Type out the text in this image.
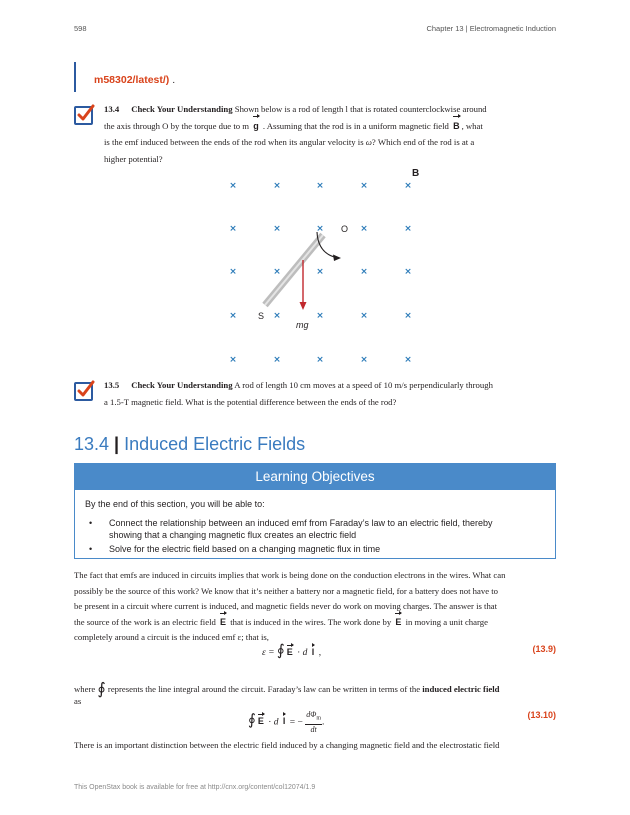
598	Chapter 13 | Electromagnetic Induction
m58302/latest/) .
13.4 Check Your Understanding Shown below is a rod of length l that is rotated counterclockwise around
the axis through O by the torque due to m g . Assuming that the rod is in a uniform magnetic field B , what
is the emf induced between the ends of the rod when its angular velocity is ω? Which end of the rod is at a
higher potential?
×	×	×	×	×
×	×	×	×	×
×	×	×	×	×
×	×	×	×	×
×	×	×	×	×
B
O
S
mg
13.5 Check Your Understanding A rod of length 10 cm moves at a speed of 10 m/s perpendicularly through
a 1.5-T magnetic field. What is the potential difference between the ends of the rod?
13.4 | Induced Electric Fields
Learning Objectives
By the end of this section, you will be able to:
• Connect the relationship between an induced emf from Faraday’s law to an electric field, thereby showing that a changing magnetic flux creates an electric field
• Solve for the electric field based on a changing magnetic flux in time
The fact that emfs are induced in circuits implies that work is being done on the conduction electrons in the wires. What can
possibly be the source of this work? We know that it’s neither a battery nor a magnetic field, for a battery does not have to
be present in a circuit where current is induced, and magnetic fields never do work on moving charges. The answer is that
the source of the work is an electric field E that is induced in the wires. The work done by E in moving a unit charge
completely around a circuit is the induced emf ε; that is,
ε = ∮ E · d l ,	(13.9)
where ∮ represents the line integral around the circuit. Faraday’s law can be written in terms of the induced electric field
as
∮ E · d l = −
$d\Phi_m$
dt
.
(13.10)
There is an important distinction between the electric field induced by a changing magnetic field and the electrostatic field
This OpenStax book is available for free at http://cnx.org/content/col12074/1.9
